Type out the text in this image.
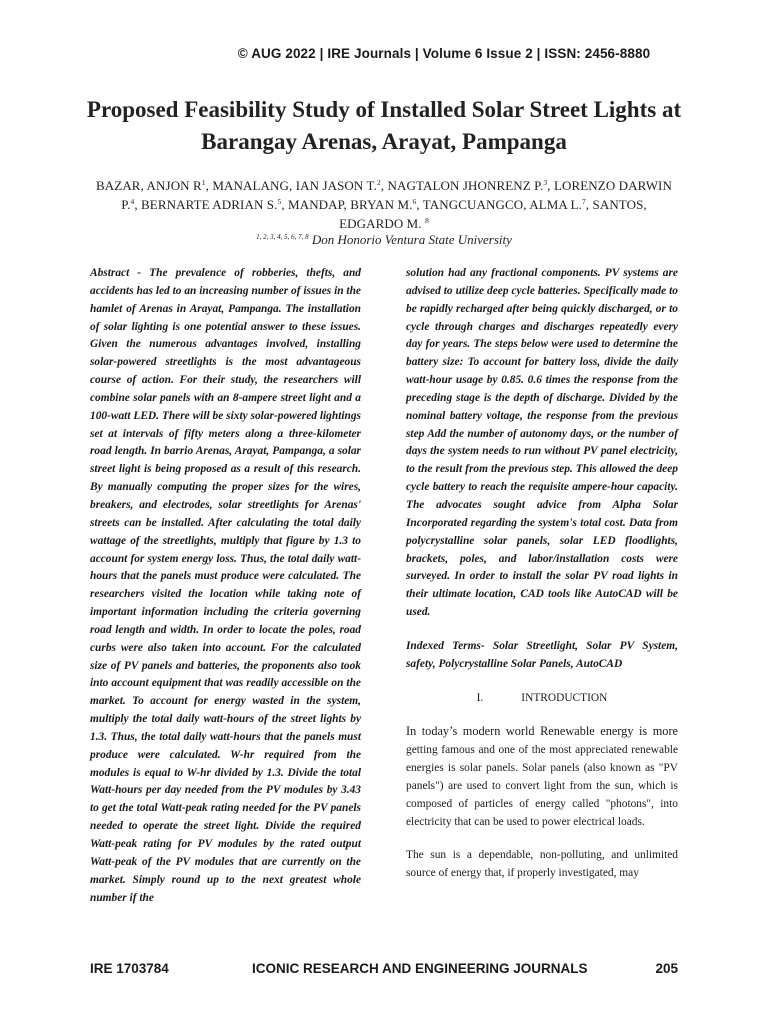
© AUG 2022 | IRE Journals | Volume 6 Issue 2 | ISSN: 2456-8880
Proposed Feasibility Study of Installed Solar Street Lights at Barangay Arenas, Arayat, Pampanga
BAZAR, ANJON $R^1$, MANALANG, IAN JASON T.$^2$, NAGTALON JHONRENZ P.$^3$, LORENZO DARWIN P.$^4$, BERNARTE ADRIAN S.$^5$, MANDAP, BRYAN M.$^6$, TANGCUANGCO, ALMA L.$^7$, SANTOS, EDGARDO M. $^8$
$^{1, 2, 3, 4, 5, 6, 7, 8}$ Don Honorio Ventura State University

Abstract - The prevalence of robberies, thefts, and accidents has led to an increasing number of issues in the hamlet of Arenas in Arayat, Pampanga. The installation of solar lighting is one potential answer to these issues. Given the numerous advantages involved, installing solar-powered streetlights is the most advantageous course of action. For their study, the researchers will combine solar panels with an 8-ampere street light and a 100-watt LED. There will be sixty solar-powered lightings set at intervals of fifty meters along a three-kilometer road length. In barrio Arenas, Arayat, Pampanga, a solar street light is being proposed as a result of this research. By manually computing the proper sizes for the wires, breakers, and electrodes, solar streetlights for Arenas' streets can be installed. After calculating the total daily wattage of the streetlights, multiply that figure by 1.3 to account for system energy loss. Thus, the total daily watt-hours that the panels must produce were calculated. The researchers visited the location while taking note of important information including the criteria governing road length and width. In order to locate the poles, road curbs were also taken into account. For the calculated size of PV panels and batteries, the proponents also took into account equipment that was readily accessible on the market. To account for energy wasted in the system, multiply the total daily watt-hours of the street lights by 1.3. Thus, the total daily watt-hours that the panels must produce were calculated. W-hr required from the modules is equal to W-hr divided by 1.3. Divide the total Watt-hours per day needed from the PV modules by 3.43 to get the total Watt-peak rating needed for the PV panels needed to operate the street light. Divide the required Watt-peak rating for PV modules by the rated output Watt-peak of the PV modules that are currently on the market. Simply round up to the next greatest whole number if the

solution had any fractional components. PV systems are advised to utilize deep cycle batteries. Specifically made to be rapidly recharged after being quickly discharged, or to cycle through charges and discharges repeatedly every day for years. The steps below were used to determine the battery size: To account for battery loss, divide the daily watt-hour usage by 0.85. 0.6 times the response from the preceding stage is the depth of discharge. Divided by the nominal battery voltage, the response from the previous step Add the number of autonomy days, or the number of days the system needs to run without PV panel electricity, to the result from the previous step. This allowed the deep cycle battery to reach the requisite ampere-hour capacity. The advocates sought advice from Alpha Solar Incorporated regarding the system's total cost. Data from polycrystalline solar panels, solar LED floodlights, brackets, poles, and labor/installation costs were surveyed. In order to install the solar PV road lights in their ultimate location, CAD tools like AutoCAD will be used.

Indexed Terms- Solar Streetlight, Solar PV System, safety, Polycrystalline Solar Panels, AutoCAD

I.	INTRODUCTION

In today’s modern world Renewable energy is more getting famous and one of the most appreciated renewable energies is solar panels. Solar panels (also known as "PV panels") are used to convert light from the sun, which is composed of particles of energy called "photons", into electricity that can be used to power electrical loads.

The sun is a dependable, non-polluting, and unlimited source of energy that, if properly investigated, may

IRE 1703784	ICONIC RESEARCH AND ENGINEERING JOURNALS	205
